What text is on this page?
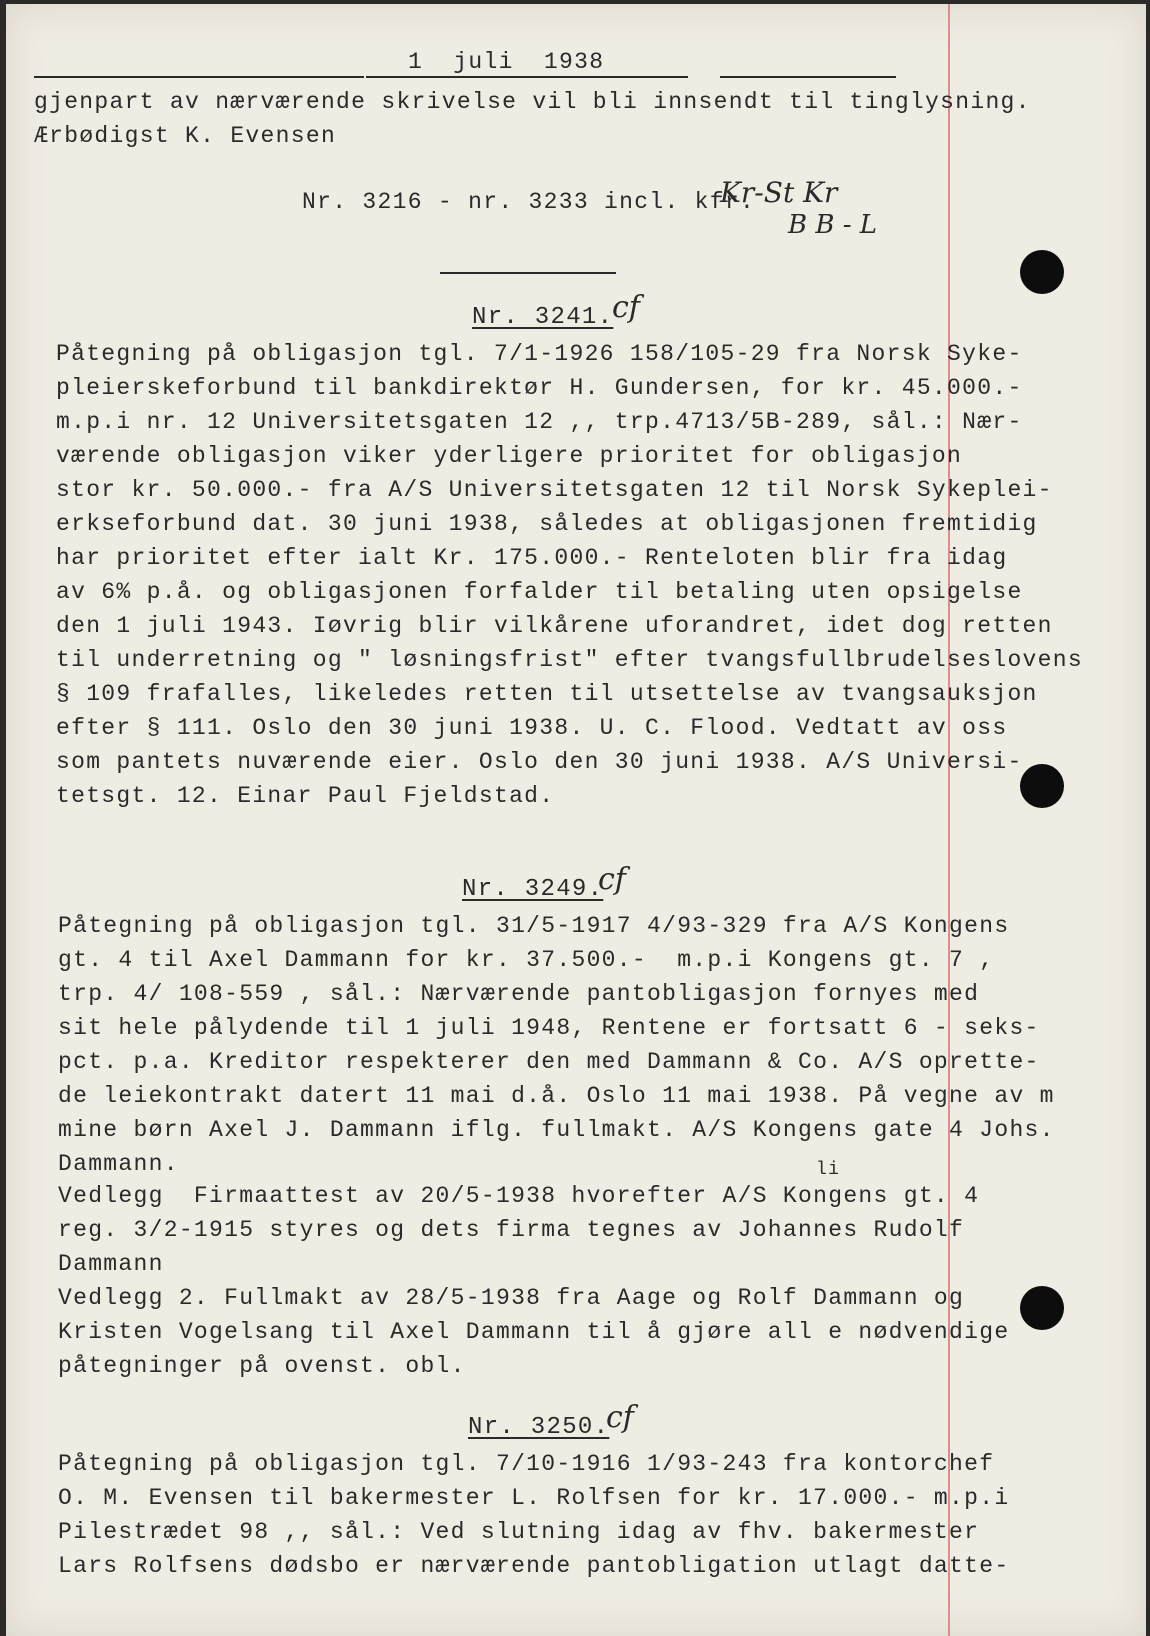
1  juli  1938
gjenpart av nærværende skrivelse vil bli innsendt til tinglysning.
Ærbødigst K. Evensen
Nr. 3216 - nr. 3233 incl. kfr.
Kr-St Kr
B B - L
Nr. 3241.
cf
Påtegning på obligasjon tgl. 7/1-1926 158/105-29 fra Norsk Syke-
pleierskeforbund til bankdirektør H. Gundersen, for kr. 45.000.-
m.p.i nr. 12 Universitetsgaten 12 ,, trp.4713/5B-289, sål.: Nær-
værende obligasjon viker yderligere prioritet for obligasjon
stor kr. 50.000.- fra A/S Universitetsgaten 12 til Norsk Sykeplei-
erkseforbund dat. 30 juni 1938, således at obligasjonen fremtidig
har prioritet efter ialt Kr. 175.000.- Renteloten blir fra idag
av 6% p.å. og obligasjonen forfalder til betaling uten opsigelse
den 1 juli 1943. Iøvrig blir vilkårene uforandret, idet dog retten
til underretning og " løsningsfrist" efter tvangsfullbrudelseslovens
§ 109 frafalles, likeledes retten til utsettelse av tvangsauksjon
efter § 111. Oslo den 30 juni 1938. U. C. Flood. Vedtatt av oss
som pantets nuværende eier. Oslo den 30 juni 1938. A/S Universi-
tetsgt. 12. Einar Paul Fjeldstad.
Nr. 3249.
cf
Påtegning på obligasjon tgl. 31/5-1917 4/93-329 fra A/S Kongens
gt. 4 til Axel Dammann for kr. 37.500.-  m.p.i Kongens gt. 7 ,
trp. 4/ 108-559 , sål.: Nærværende pantobligasjon fornyes med
sit hele pålydende til 1 juli 1948, Rentene er fortsatt 6 - seks-
pct. p.a. Kreditor respekterer den med Dammann & Co. A/S oprette-
de leiekontrakt datert 11 mai d.å. Oslo 11 mai 1938. På vegne av m
mine børn Axel J. Dammann iflg. fullmakt. A/S Kongens gate 4 Johs.
Dammann.	li
Vedlegg  Firmaattest av 20/5-1938 hvorefter A/S Kongens gt. 4
reg. 3/2-1915 styres og dets firma tegnes av Johannes Rudolf
Dammann
Vedlegg 2. Fullmakt av 28/5-1938 fra Aage og Rolf Dammann og
Kristen Vogelsang til Axel Dammann til å gjøre all e nødvendige
påtegninger på ovenst. obl.
Nr. 3250.
cf
Påtegning på obligasjon tgl. 7/10-1916 1/93-243 fra kontorchef
O. M. Evensen til bakermester L. Rolfsen for kr. 17.000.- m.p.i
Pilestrædet 98 ,, sål.: Ved slutning idag av fhv. bakermester
Lars Rolfsens dødsbo er nærværende pantobligation utlagt datte-
